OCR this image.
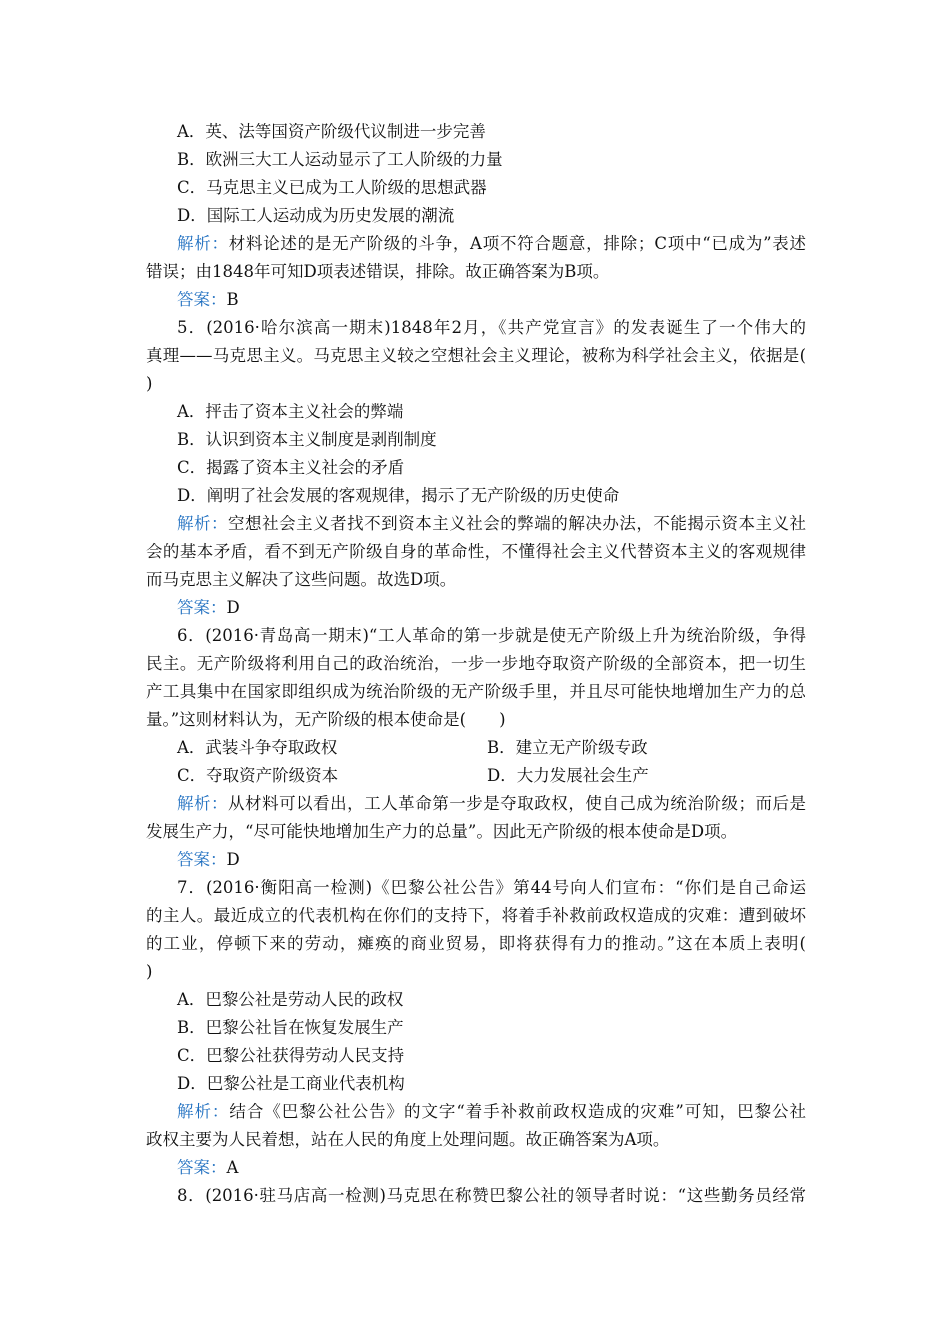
A．英、法等国资产阶级代议制进一步完善
B．欧洲三大工人运动显示了工人阶级的力量
C．马克思主义已成为工人阶级的思想武器
D．国际工人运动成为历史发展的潮流
解析：材料论述的是无产阶级的斗争，A项不符合题意，排除；C项中“已成为”表述
错误；由1848年可知D项表述错误，排除。故正确答案为B项。
答案：B
5．(2016·哈尔滨高一期末)1848年2月，《共产党宣言》的发表诞生了一个伟大的
真理——马克思主义。马克思主义较之空想社会主义理论，被称为科学社会主义，依据是(
)
A．抨击了资本主义社会的弊端
B．认识到资本主义制度是剥削制度
C．揭露了资本主义社会的矛盾
D．阐明了社会发展的客观规律，揭示了无产阶级的历史使命
解析：空想社会主义者找不到资本主义社会的弊端的解决办法，不能揭示资本主义社
会的基本矛盾，看不到无产阶级自身的革命性，不懂得社会主义代替资本主义的客观规律
而马克思主义解决了这些问题。故选D项。
答案：D
6．(2016·青岛高一期末)“工人革命的第一步就是使无产阶级上升为统治阶级，争得
民主。无产阶级将利用自己的政治统治，一步一步地夺取资产阶级的全部资本，把一切生
产工具集中在国家即组织成为统治阶级的无产阶级手里，并且尽可能快地增加生产力的总
量。”这则材料认为，无产阶级的根本使命是(　　)
A．武装斗争夺取政权	B．建立无产阶级专政
C．夺取资产阶级资本	D．大力发展社会生产
解析：从材料可以看出，工人革命第一步是夺取政权，使自己成为统治阶级；而后是
发展生产力，“尽可能快地增加生产力的总量”。因此无产阶级的根本使命是D项。
答案：D
7．(2016·衡阳高一检测)《巴黎公社公告》第44号向人们宣布：“你们是自己命运
的主人。最近成立的代表机构在你们的支持下，将着手补救前政权造成的灾难：遭到破坏
的工业，停顿下来的劳动，瘫痪的商业贸易，即将获得有力的推动。”这在本质上表明(
)
A．巴黎公社是劳动人民的政权
B．巴黎公社旨在恢复发展生产
C．巴黎公社获得劳动人民支持
D．巴黎公社是工商业代表机构
解析：结合《巴黎公社公告》的文字“着手补救前政权造成的灾难”可知，巴黎公社
政权主要为人民着想，站在人民的角度上处理问题。故正确答案为A项。
答案：A
8．(2016·驻马店高一检测)马克思在称赞巴黎公社的领导者时说：“这些勤务员经常
